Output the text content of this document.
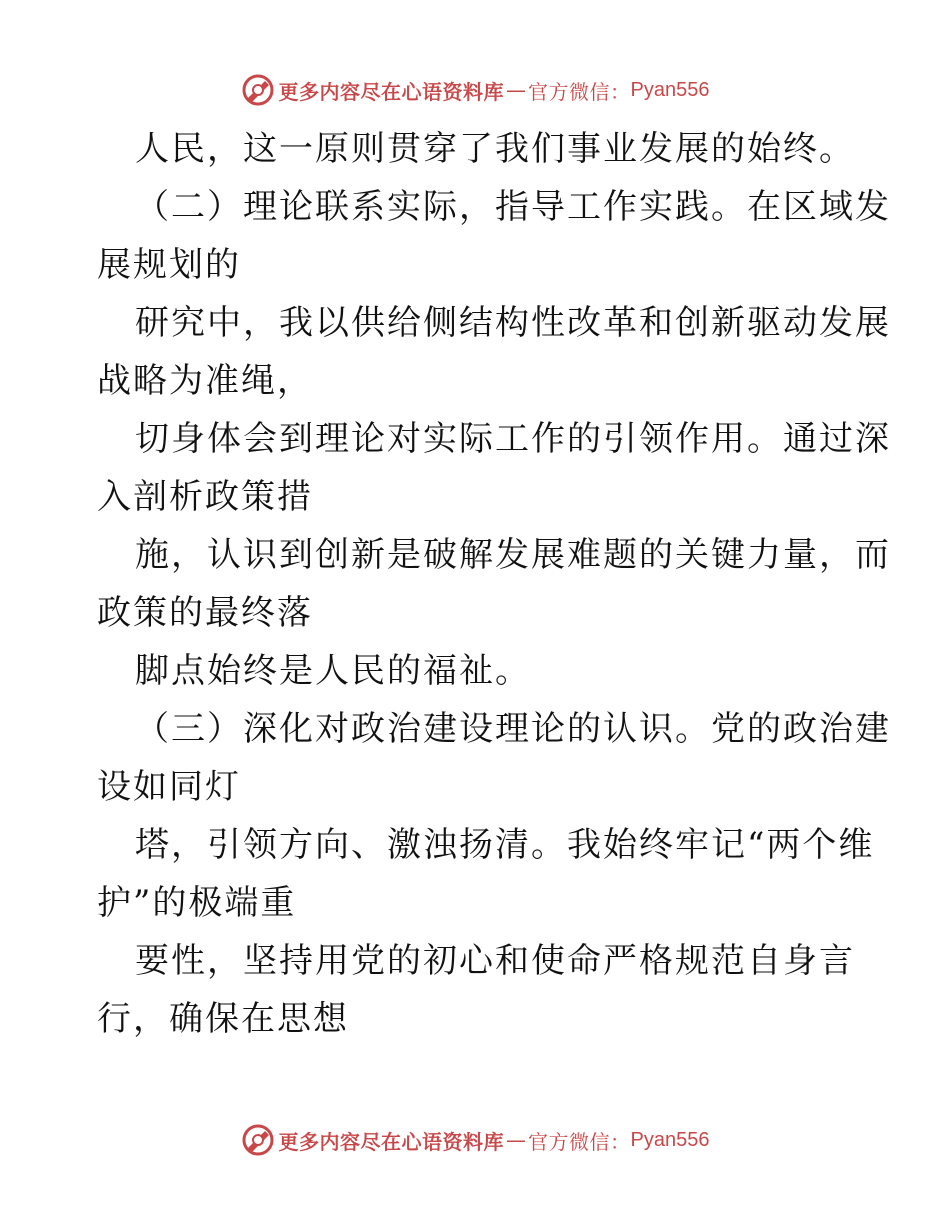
更多内容尽在心语资料库 — 官方微信： Pyan556
人民，这一原则贯穿了我们事业发展的始终。
（二）理论联系实际，指导工作实践。在区域发
展规划的
研究中，我以供给侧结构性改革和创新驱动发展
战略为准绳，
切身体会到理论对实际工作的引领作用。通过深
入剖析政策措
施，认识到创新是破解发展难题的关键力量，而
政策的最终落
脚点始终是人民的福祉。
（三）深化对政治建设理论的认识。党的政治建
设如同灯
塔，引领方向、激浊扬清。我始终牢记“两个维
护”的极端重
要性，坚持用党的初心和使命严格规范自身言
行，确保在思想
更多内容尽在心语资料库 — 官方微信： Pyan556
